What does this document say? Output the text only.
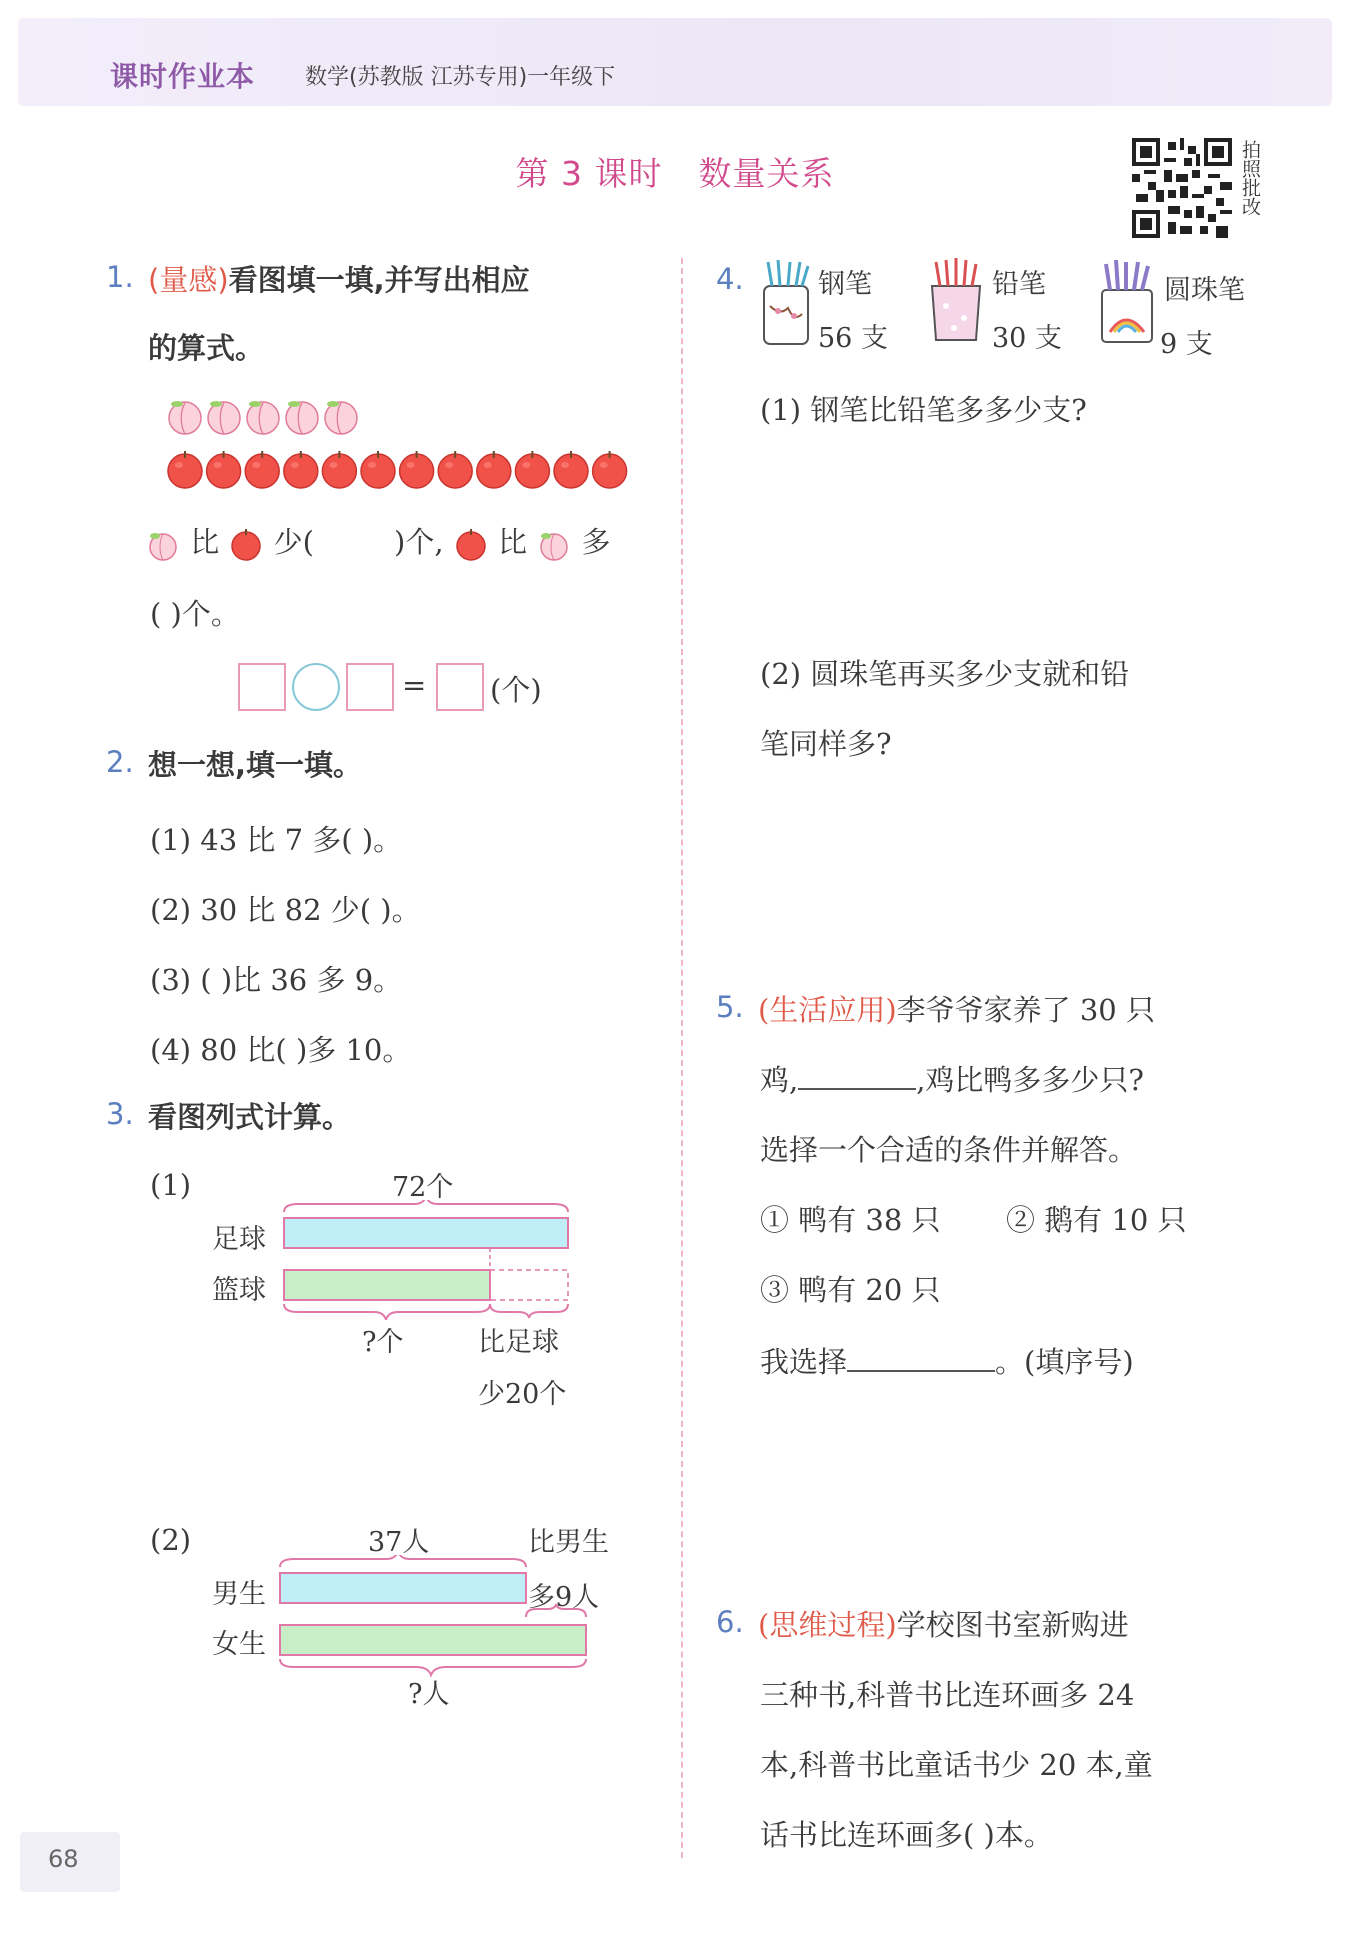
课时作业本 数学(苏教版 江苏专用)一年级下
第 3 课时 数量关系	拍照批改
1. (量感)看图填一填,并写出相应
的算式。
比 少(	)个, 比 多
( )个。
= (个)
2. 想一想,填一填。
(1) 43 比 7 多( )。
(2) 30 比 82 少( )。
(3) ( )比 36 多 9。
(4) 80 比( )多 10。
3. 看图列式计算。
(1)	72个
足球
篮球
?个	比足球
少20个
(2)	37人	比男生
多9人
男生
女生
?人
4.	钢笔
56 支
铅笔
30 支
圆珠笔
9 支
(1) 钢笔比铅笔多多少支?
(2) 圆珠笔再买多少支就和铅
笔同样多?
5. (生活应用)李爷爷家养了 30 只
鸡,	,鸡比鸭多多少只?
选择一个合适的条件并解答。
① 鸭有 38 只 ② 鹅有 10 只
③ 鸭有 20 只
我选择	。(填序号)
6. (思维过程)学校图书室新购进
三种书,科普书比连环画多 24
本,科普书比童话书少 20 本,童
话书比连环画多( )本。
68
